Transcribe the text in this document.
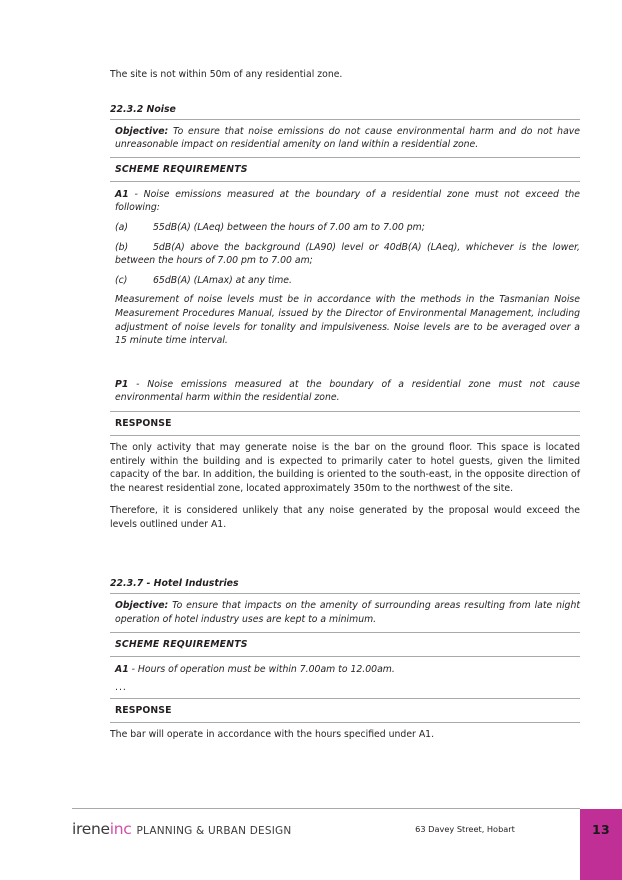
The site is not within 50m of any residential zone.

22.3.2 Noise

Objective: To ensure that noise emissions do not cause environmental harm and do not have unreasonable impact on residential amenity on land within a residential zone.

SCHEME REQUIREMENTS

A1 - Noise emissions measured at the boundary of a residential zone must not exceed the following:

(a)	55dB(A) (LAeq) between the hours of 7.00 am to 7.00 pm;

(b)	5dB(A) above the background (LA90) level or 40dB(A) (LAeq), whichever is the lower, between the hours of 7.00 pm to 7.00 am;

(c)	65dB(A) (LAmax) at any time.

Measurement of noise levels must be in accordance with the methods in the Tasmanian Noise Measurement Procedures Manual, issued by the Director of Environmental Management, including adjustment of noise levels for tonality and impulsiveness. Noise levels are to be averaged over a 15 minute time interval.

P1 - Noise emissions measured at the boundary of a residential zone must not cause environmental harm within the residential zone.

RESPONSE

The only activity that may generate noise is the bar on the ground floor. This space is located entirely within the building and is expected to primarily cater to hotel guests, given the limited capacity of the bar. In addition, the building is oriented to the south-east, in the opposite direction of the nearest residential zone, located approximately 350m to the northwest of the site.

Therefore, it is considered unlikely that any noise generated by the proposal would exceed the levels outlined under A1.

22.3.7 - Hotel Industries

Objective: To ensure that impacts on the amenity of surrounding areas resulting from late night operation of hotel industry uses are kept to a minimum.

SCHEME REQUIREMENTS

A1 - Hours of operation must be within 7.00am to 12.00am.

...

RESPONSE

The bar will operate in accordance with the hours specified under A1.

ireneinc PLANNING & URBAN DESIGN	63 Davey Street, Hobart	13
